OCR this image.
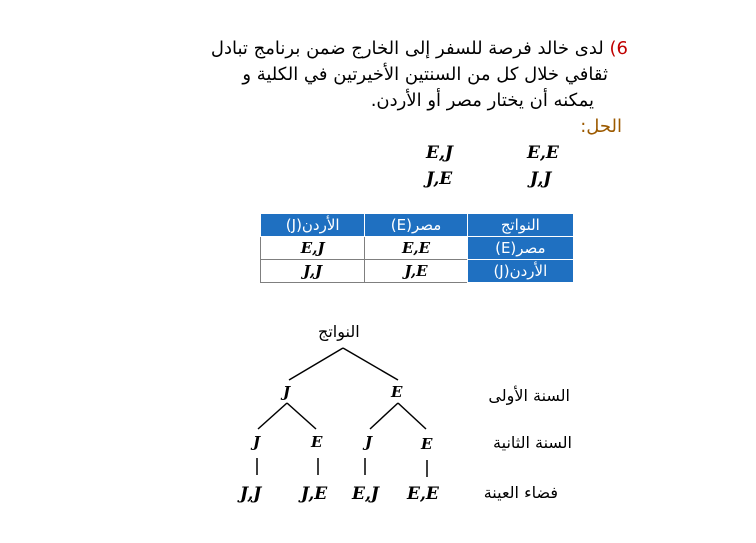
6) لدى خالد فرصة للسفر إلى الخارج ضمن برنامج تبادل
ثقافي خلال كل من السنتين الأخيرتين في الكلية و
يمكنه أن يختار مصر أو الأردن.
الحل:
E,J	E,E
J,E	J,J
النواتج	مصر(E)	الأردن(J)
مصر(E)	E,E	E,J
الأردن(J)	J,E	J,J
النواتج
J	E
J	E	J	E
J,J J,E E,J E,E
السنة الأولى
السنة الثانية
فضاء العينة
